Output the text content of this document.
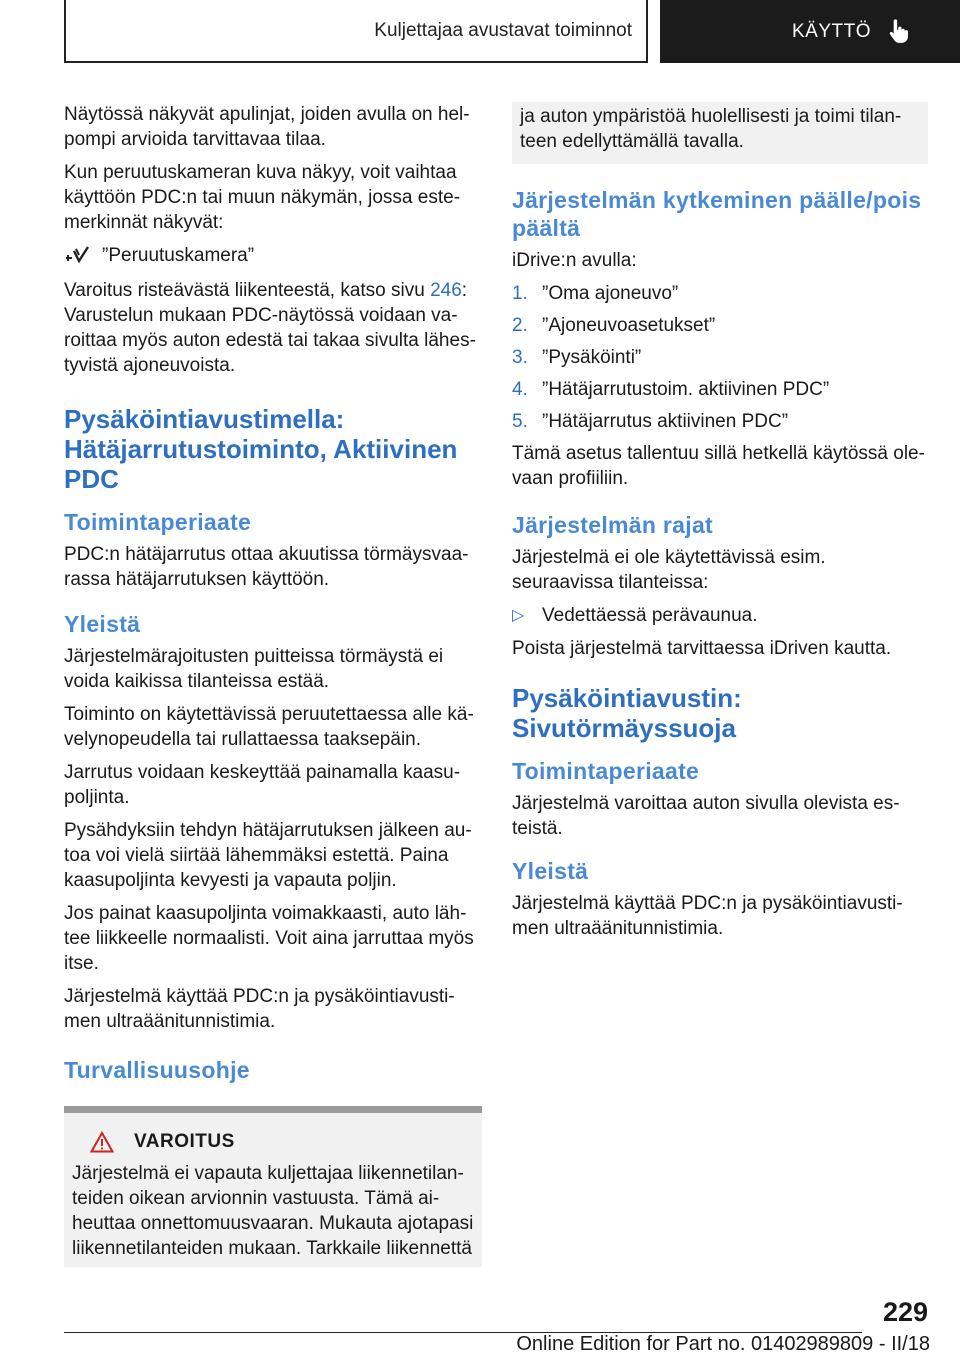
Kuljettajaa avustavat toiminnot	KÄYTTÖ

Näytössä näkyvät apulinjat, joiden avulla on hel‐ pompi arvioida tarvittavaa tilaa.

Kun peruutuskameran kuva näkyy, voit vaihtaa käyttöön PDC:n tai muun näkymän, jossa este‐ merkinnät näkyvät:

”Peruutuskamera”

Varoitus risteävästä liikenteestä, katso sivu 246:

Varustelun mukaan PDC-näytössä voidaan va‐ roittaa myös auton edestä tai takaa sivulta lähes‐ tyvistä ajoneuvoista.

Pysäköintiavustimella: Hätäjarrutustoiminto, Aktiivinen PDC
Toimintaperiaate

PDC:n hätäjarrutus ottaa akuutissa törmäysvaa‐ rassa hätäjarrutuksen käyttöön.

Yleistä

Järjestelmärajoitusten puitteissa törmäystä ei voida kaikissa tilanteissa estää.

Toiminto on käytettävissä peruutettaessa alle kä‐ velynopeudella tai rullattaessa taaksepäin.

Jarrutus voidaan keskeyttää painamalla kaasu‐ poljinta.

Pysähdyksiin tehdyn hätäjarrutuksen jälkeen au‐ toa voi vielä siirtää lähemmäksi estettä. Paina kaasupoljinta kevyesti ja vapauta poljin.

Jos painat kaasupoljinta voimakkaasti, auto läh‐ tee liikkeelle normaalisti. Voit aina jarruttaa myös itse.

Järjestelmä käyttää PDC:n ja pysäköintiavusti‐ men ultraäänitunnistimia.

Turvallisuusohje
VAROITUS

Järjestelmä ei vapauta kuljettajaa liikennetilan‐ teiden oikean arvionnin vastuusta. Tämä ai‐ heuttaa onnettomuusvaaran. Mukauta ajotapasi liikennetilanteiden mukaan. Tarkkaile liikennettä

ja auton ympäristöä huolellisesti ja toimi tilan‐ teen edellyttämällä tavalla.

Järjestelmän kytkeminen päälle/pois päältä

iDrive:n avulla:

1. ”Oma ajoneuvo”
2. ”Ajoneuvoasetukset”
3. ”Pysäköinti”
4. ”Hätäjarrutustoim. aktiivinen PDC”
5. ”Hätäjarrutus aktiivinen PDC”

Tämä asetus tallentuu sillä hetkellä käytössä ole‐ vaan profiiliin.

Järjestelmän rajat

Järjestelmä ei ole käytettävissä esim. seuraavissa tilanteissa:

▷ Vedettäessä perävaunua.

Poista järjestelmä tarvittaessa iDriven kautta.

Pysäköintiavustin: Sivutörmäyssuoja
Toimintaperiaate

Järjestelmä varoittaa auton sivulla olevista es‐ teistä.

Yleistä

Järjestelmä käyttää PDC:n ja pysäköintiavusti‐ men ultraäänitunnistimia.

229
Online Edition for Part no. 01402989809 - II/18
